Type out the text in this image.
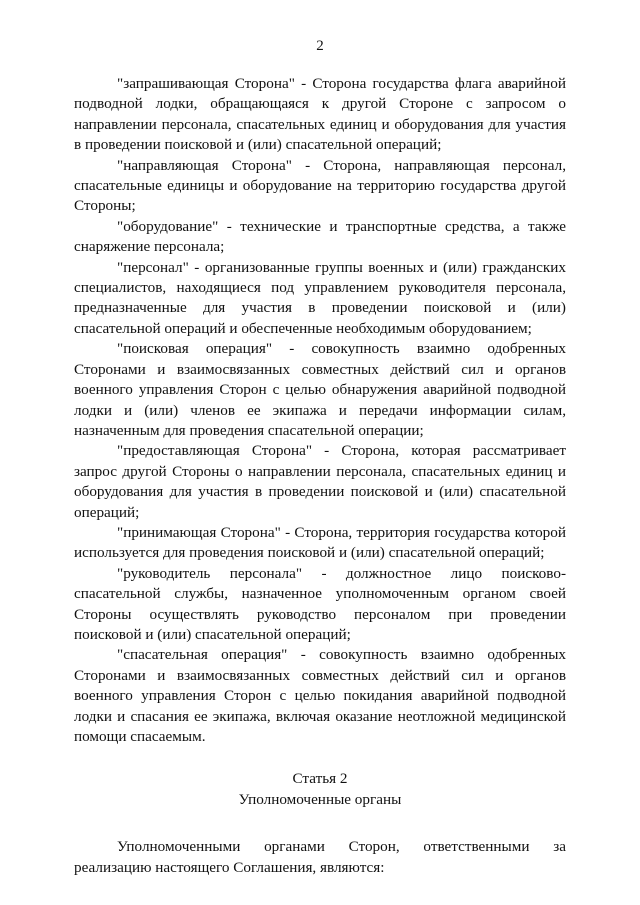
2

"запрашивающая Сторона" - Сторона государства флага аварийной подводной лодки, обращающаяся к другой Стороне с запросом о направлении персонала, спасательных единиц и оборудования для участия в проведении поисковой и (или) спасательной операций;

"направляющая Сторона" - Сторона, направляющая персонал, спасательные единицы и оборудование на территорию государства другой Стороны;

"оборудование" - технические и транспортные средства, а также снаряжение персонала;

"персонал" - организованные группы военных и (или) гражданских специалистов, находящиеся под управлением руководителя персонала, предназначенные для участия в проведении поисковой и (или) спасательной операций и обеспеченные необходимым оборудованием;

"поисковая операция" - совокупность взаимно одобренных Сторонами и взаимосвязанных совместных действий сил и органов военного управления Сторон с целью обнаружения аварийной подводной лодки и (или) членов ее экипажа и передачи информации силам, назначенным для проведения спасательной операции;

"предоставляющая Сторона" - Сторона, которая рассматривает запрос другой Стороны о направлении персонала, спасательных единиц и оборудования для участия в проведении поисковой и (или) спасательной операций;

"принимающая Сторона" - Сторона, территория государства которой используется для проведения поисковой и (или) спасательной операций;

"руководитель персонала" - должностное лицо поисково-спасательной службы, назначенное уполномоченным органом своей Стороны осуществлять руководство персоналом при проведении поисковой и (или) спасательной операций;

"спасательная операция" - совокупность взаимно одобренных Сторонами и взаимосвязанных совместных действий сил и органов военного управления Сторон с целью покидания аварийной подводной лодки и спасания ее экипажа, включая оказание неотложной медицинской помощи спасаемым.

Статья 2
Уполномоченные органы

Уполномоченными органами Сторон, ответственными за реализацию настоящего Соглашения, являются:
